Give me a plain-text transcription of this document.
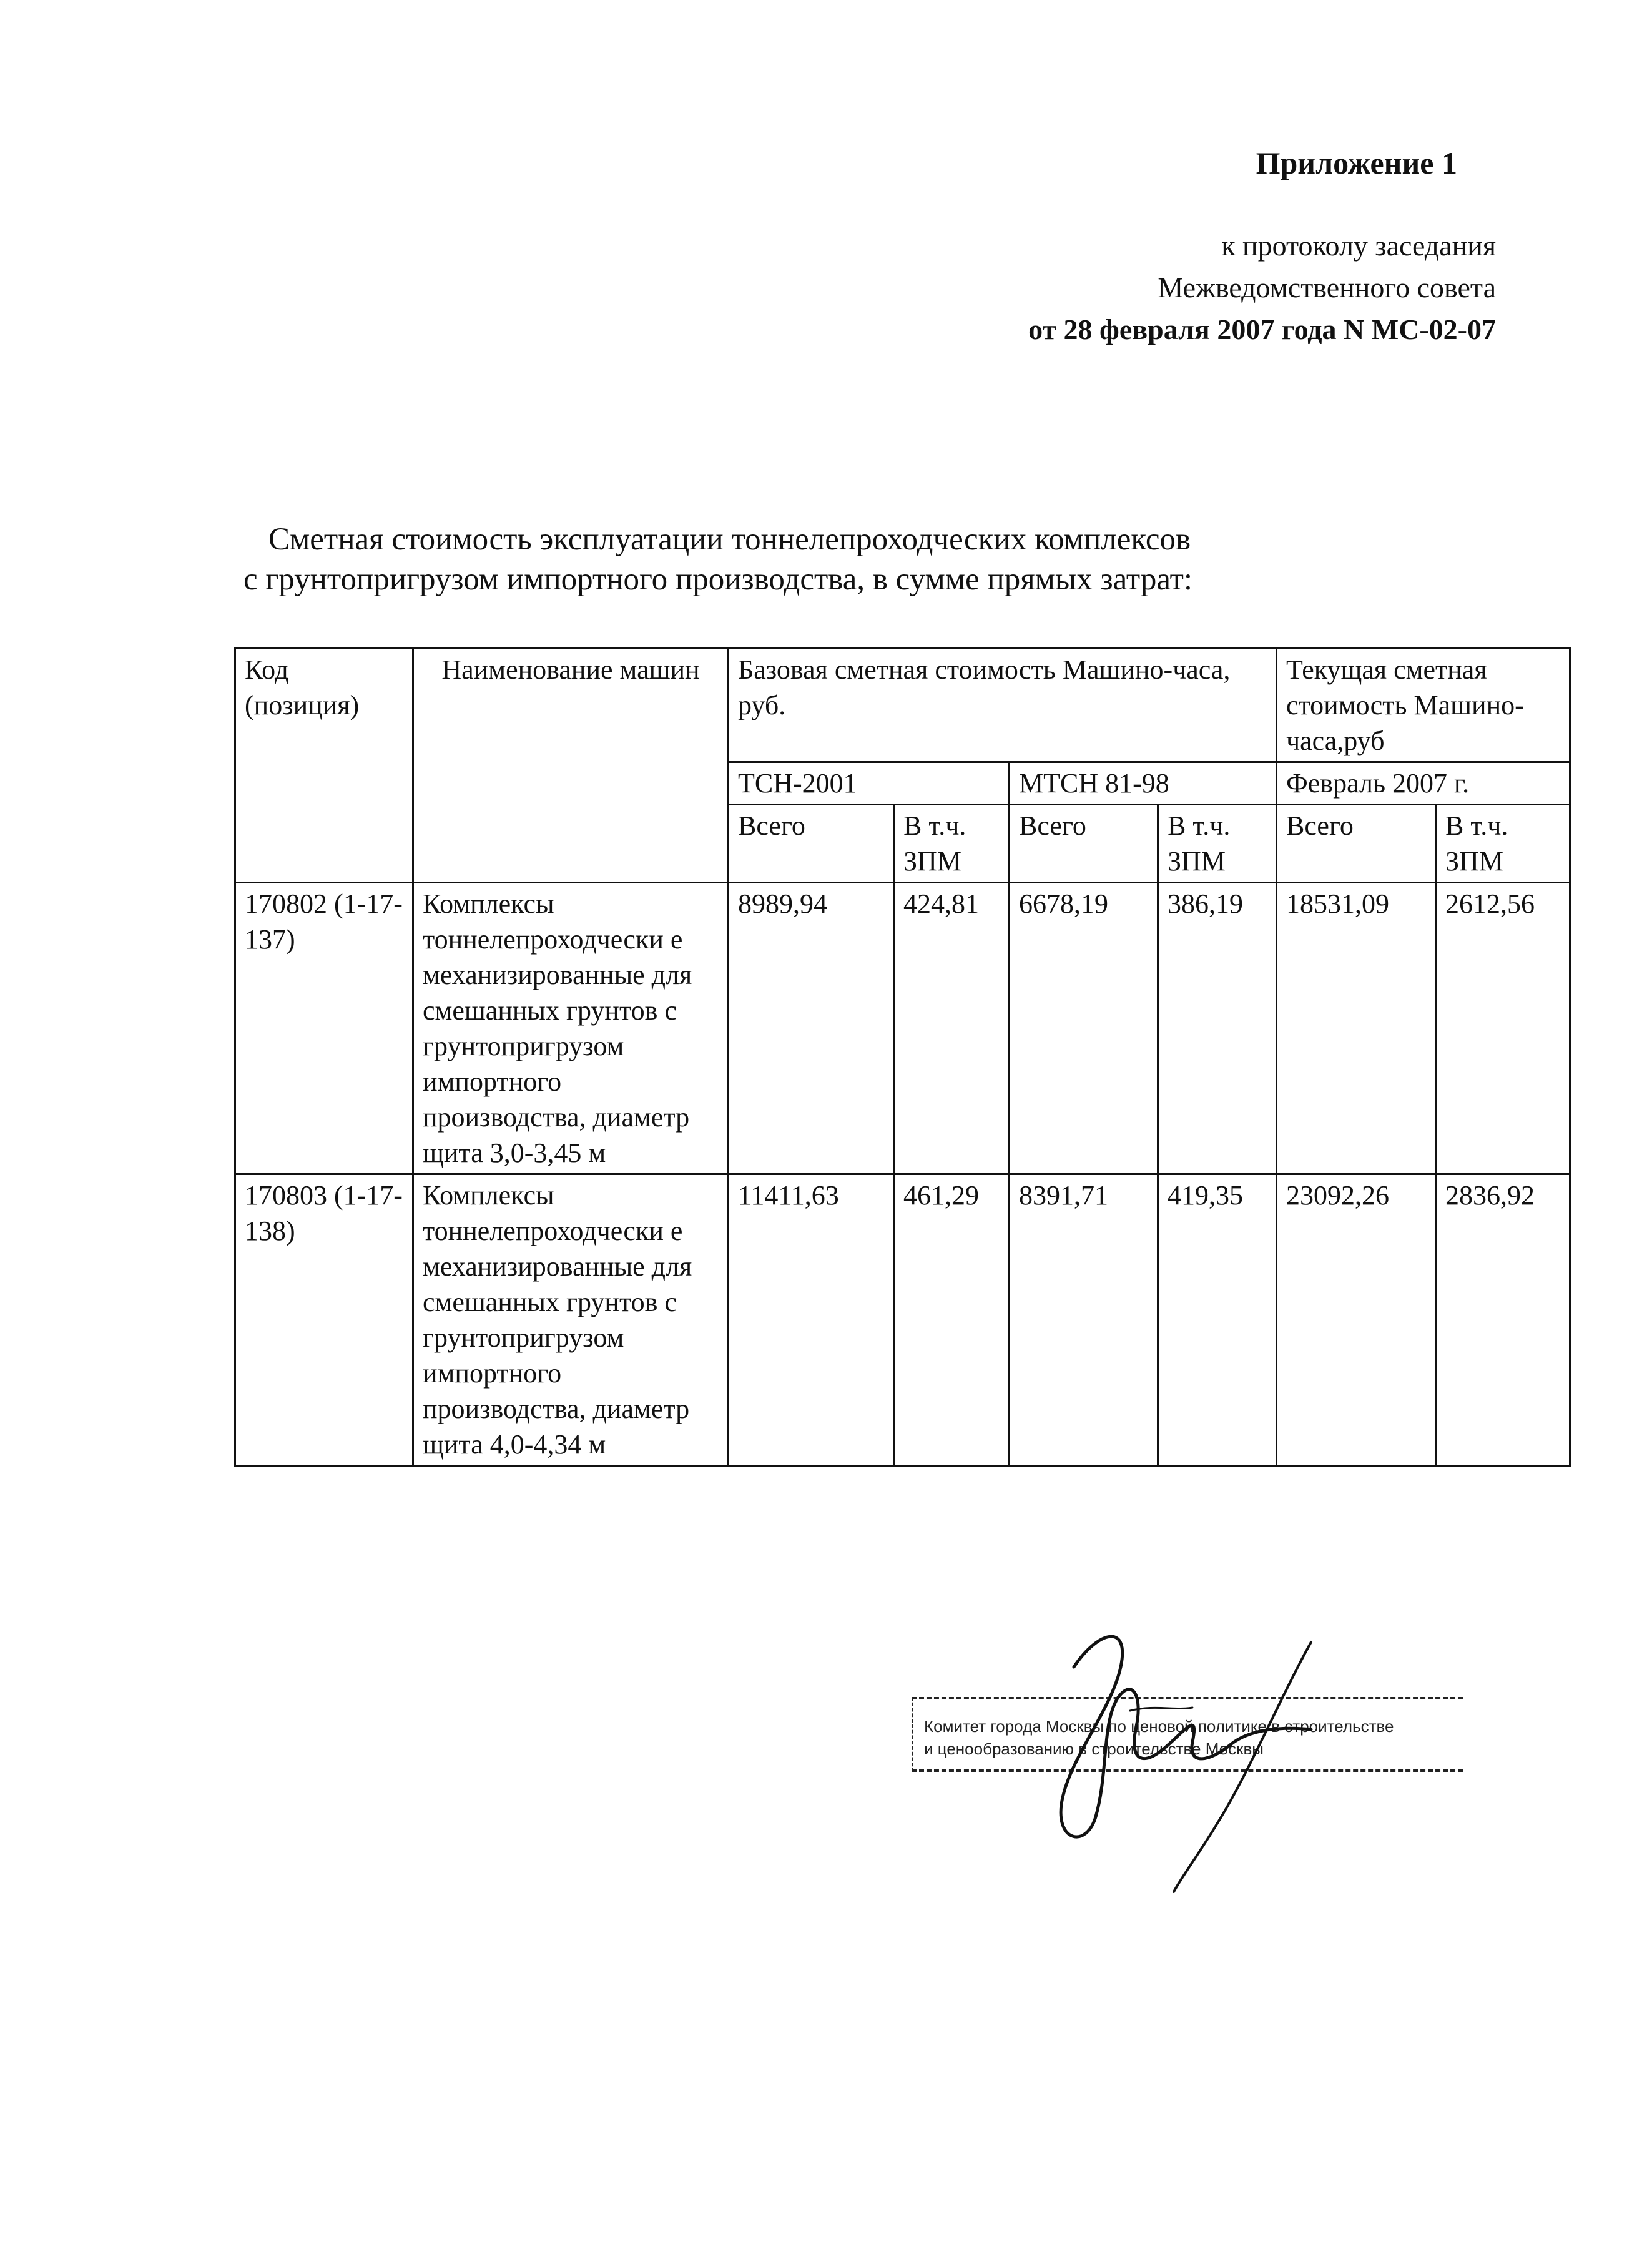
Приложение 1
к протоколу заседания
Межведомственного совета
от 28 февраля 2007 года N МС-02-07
Сметная стоимость эксплуатации тоннелепроходческих комплексов
с грунтопригрузом импортного производства, в сумме прямых затрат:
Код (позиция)	Наименование машин	Базовая сметная стоимость Машино-часа, руб.				Текущая сметная стоимость Машино-часа,руб	
		ТСН-2001		МТСН 81-98		Февраль 2007 г.	
		Всего	В т.ч. ЗПМ	Всего	В т.ч. ЗПМ	Всего	В т.ч. ЗПМ
170802 (1-17-137)	Комплексы тоннелепроходчески е механизированные для смешанных грунтов с грунтопригрузом импортного производства, диаметр щита 3,0-3,45 м	8989,94	424,81	6678,19	386,19	18531,09	2612,56
170803 (1-17-138)	Комплексы тоннелепроходчески е механизированные для смешанных грунтов с грунтопригрузом импортного производства, диаметр щита 4,0-4,34 м	11411,63	461,29	8391,71	419,35	23092,26	2836,92
Комитет города Москвы по ценовой политике в строительстве
и ценообразованию в строительстве Москвы
